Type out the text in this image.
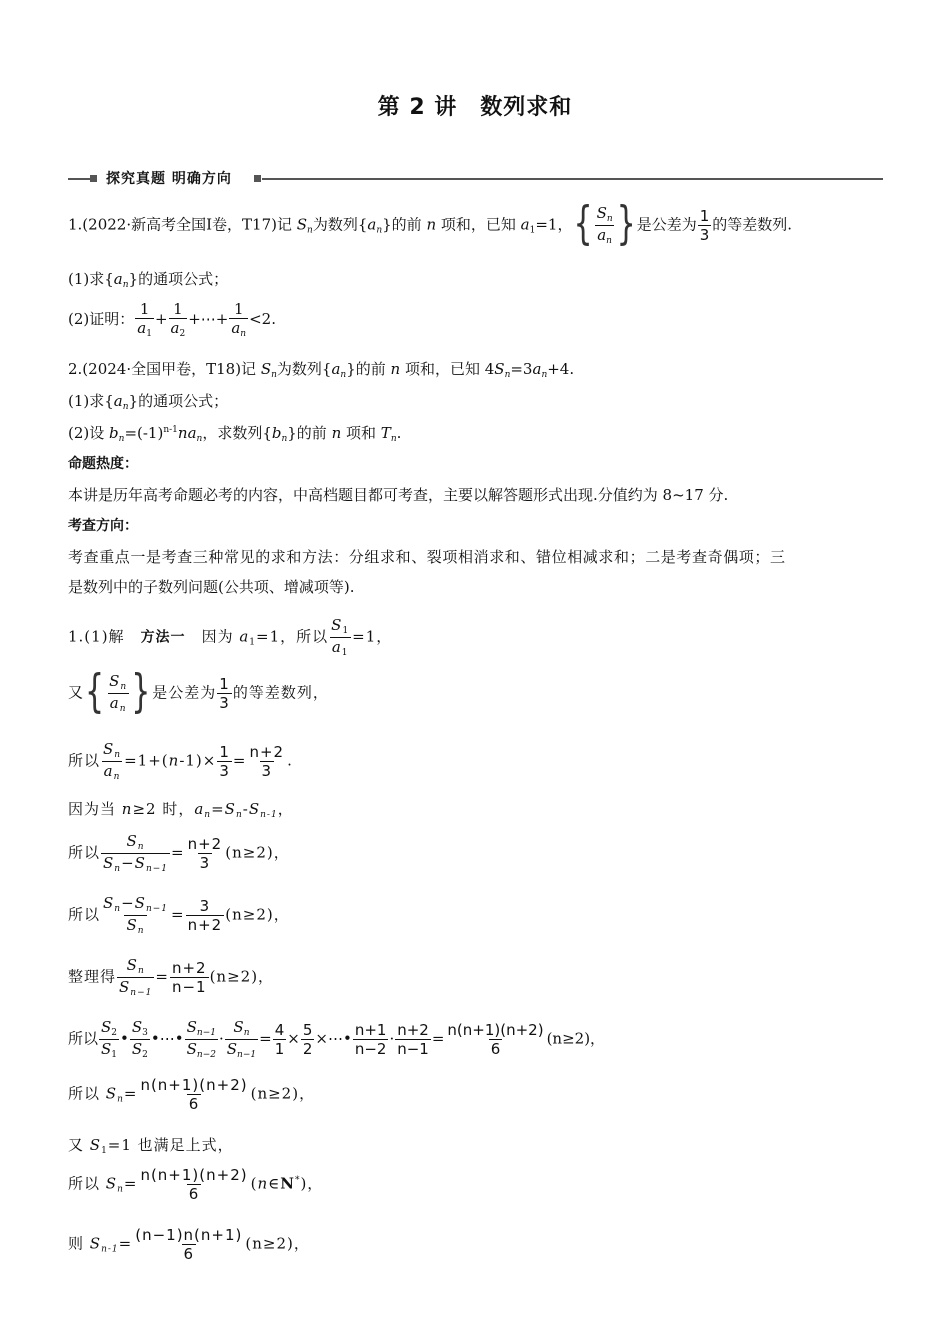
第 2 讲　数列求和
探究真题 明确方向
1.(2022·新高考全国Ⅰ卷，T17)记 $S_n$为数列$\{a_n\}$的前 n 项和，已知 $a_1=1$，{ $\frac{S_n}{a_n}$ }是公差为 $\frac{1}{3}$ 的等差数列.
(1)求$\{a_n\}$的通项公式；
(2)证明： $\frac{1}{a_1} + \frac{1}{a_2}$ +⋯+ $\frac{1}{a_n} <2$.
2.(2024·全国甲卷，T18)记 $S_n$为数列$\{a_n\}$的前 n 项和，已知 $4S_n=3a_n+4$.
(1)求$\{a_n\}$的通项公式；
(2)设 $b_n=(-1)^{n-1}na_n$，求数列$\{b_n\}$的前 n 项和 $T_n$.
命题热度：
本讲是历年高考命题必考的内容，中高档题目都可考查，主要以解答题形式出现.分值约为 8~17 分.
考查方向：
考查重点一是考查三种常见的求和方法：分组求和、裂项相消求和、错位相减求和；二是考查奇偶项；三
是数列中的子数列问题(公共项、增减项等).
1.(1)解　方法一　因为 $a_1=1$，所以 $\frac{S_1}{a_1} =1$，
又{ $\frac{S_n}{a_n}$ }是公差为 $\frac{1}{3}$ 的等差数列，
所以 $\frac{S_n}{a_n} =1+(n-1)\times \frac{1}{3} = \frac{n+2}{3}$ .
因为当 n≥2 时，$a_n=S_n-S_{n-1}$，
所以 $\frac{S_n}{S_n-S_{n-1}} = \frac{n+2}{3} (n\ge 2)$，
所以 $\frac{S_n-S_{n-1}}{S_n} = \frac{3}{n+2} (n\ge 2)$，
整理得 $\frac{S_n}{S_{n-1}} = \frac{n+2}{n-1} (n\ge 2)$，
所以 $\frac{S_2}{S_1}$ • $\frac{S_3}{S_2}$ •⋯• $\frac{S_{n-1}}{S_{n-2}} \cdot \frac{S_n}{S_{n-1}} = \frac{4}{1} \times \frac{5}{2}$ ×⋯• $\frac{n+1}{n-2} \cdot \frac{n+2}{n-1} = \frac{n(n+1)(n+2)}{6} (n\ge 2)$，
所以 $S_n= \frac{n(n+1)(n+2)}{6} (n\ge 2)$，
又 $S_1=1$ 也满足上式，
所以 $S_n= \frac{n(n+1)(n+2)}{6}$ (n∈N*)，
则 $S_{n-1}= \frac{(n-1)n(n+1)}{6} (n\ge 2)$，
